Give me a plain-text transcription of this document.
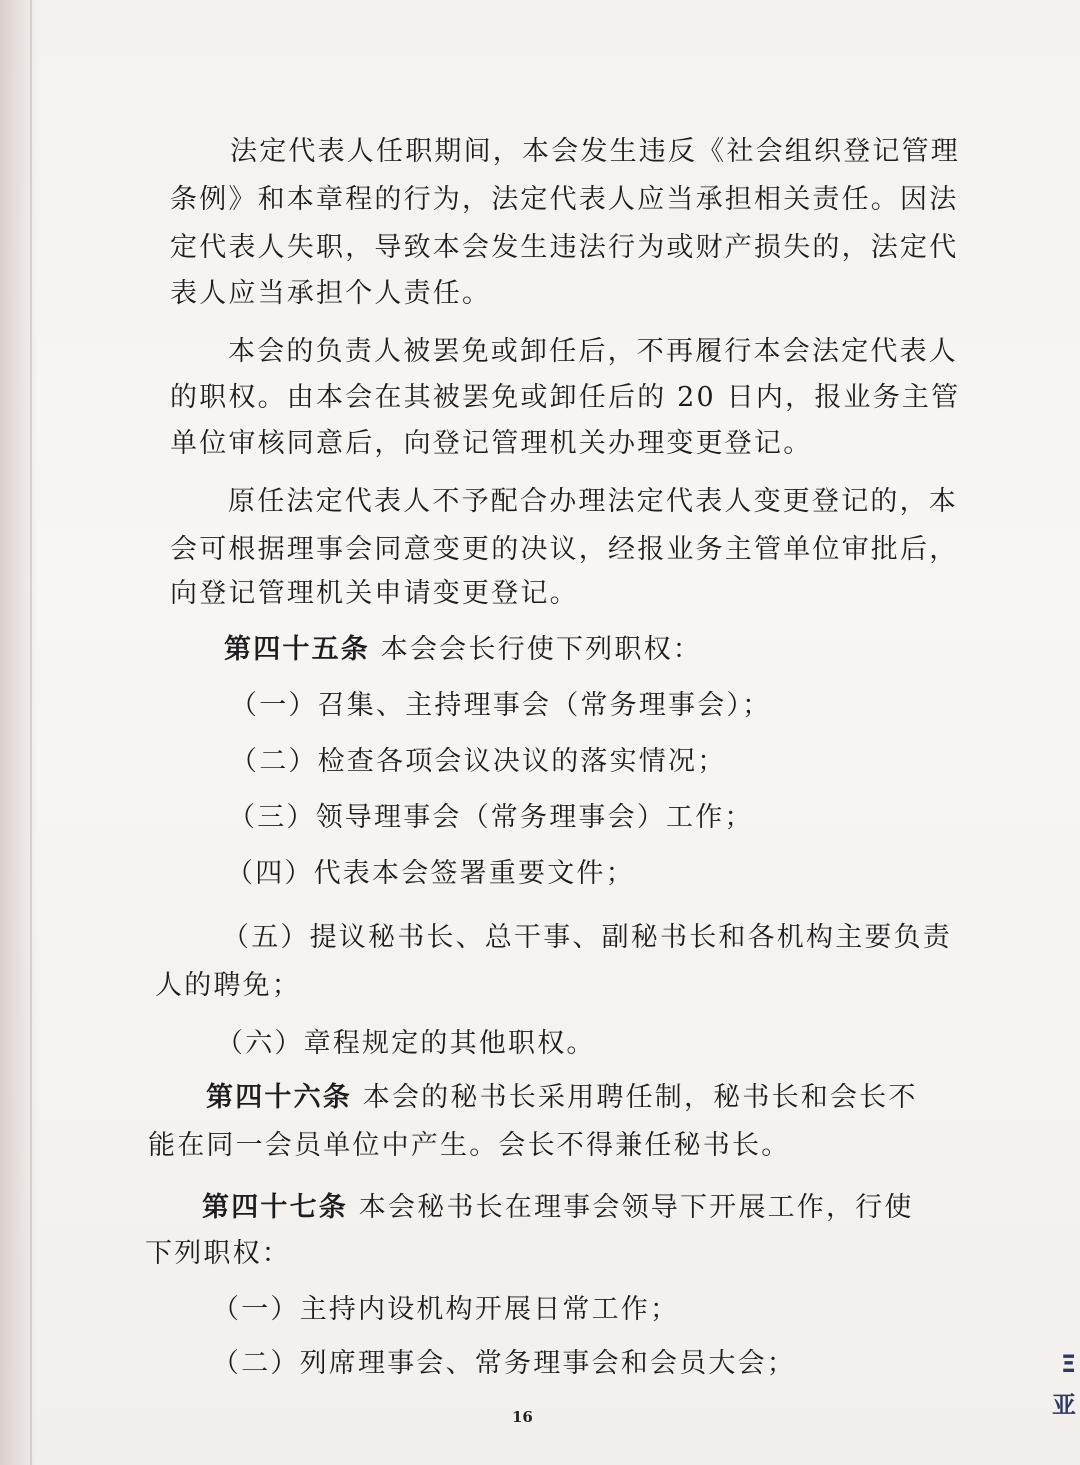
法定代表人任职期间，本会发生违反《社会组织登记管理
条例》和本章程的行为，法定代表人应当承担相关责任。因法
定代表人失职，导致本会发生违法行为或财产损失的，法定代
表人应当承担个人责任。
本会的负责人被罢免或卸任后，不再履行本会法定代表人
的职权。由本会在其被罢免或卸任后的 20 日内，报业务主管
单位审核同意后，向登记管理机关办理变更登记。
原任法定代表人不予配合办理法定代表人变更登记的，本
会可根据理事会同意变更的决议，经报业务主管单位审批后，
向登记管理机关申请变更登记。
第四十五条 本会会长行使下列职权：
（一）召集、主持理事会（常务理事会）；
（二）检查各项会议决议的落实情况；
（三）领导理事会（常务理事会）工作；
（四）代表本会签署重要文件；
（五）提议秘书长、总干事、副秘书长和各机构主要负责
人的聘免；
（六）章程规定的其他职权。
第四十六条 本会的秘书长采用聘任制，秘书长和会长不
能在同一会员单位中产生。会长不得兼任秘书长。
第四十七条 本会秘书长在理事会领导下开展工作，行使
下列职权：
（一）主持内设机构开展日常工作；
（二）列席理事会、常务理事会和会员大会；
16
Ξ
亚
